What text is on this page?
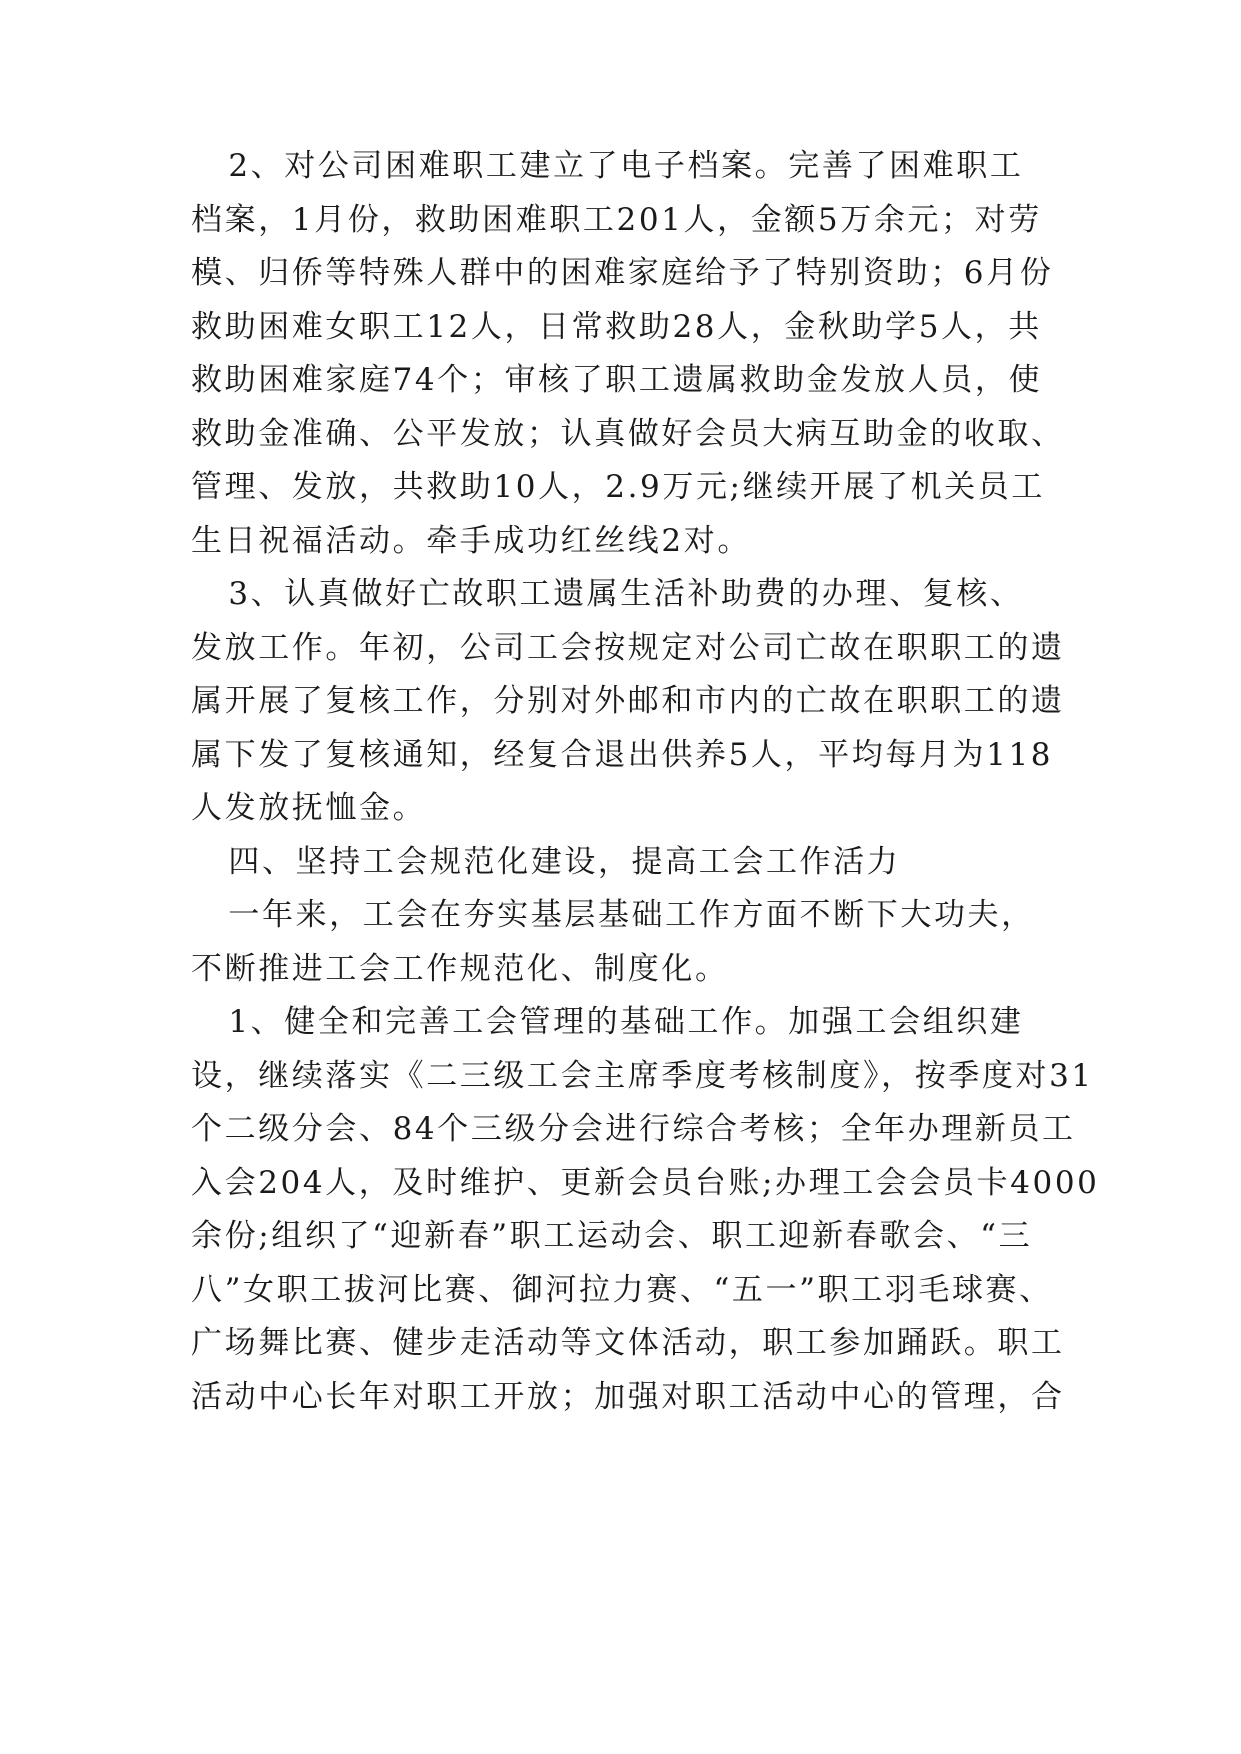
2、对公司困难职工建立了电子档案。完善了困难职工
档案，1月份，救助困难职工201人，金额5万余元；对劳
模、归侨等特殊人群中的困难家庭给予了特别资助；6月份
救助困难女职工12人，日常救助28人，金秋助学5人，共
救助困难家庭74个；审核了职工遗属救助金发放人员，使
救助金准确、公平发放；认真做好会员大病互助金的收取、
管理、发放，共救助10人，2.9万元;继续开展了机关员工
生日祝福活动。牵手成功红丝线2对。
3、认真做好亡故职工遗属生活补助费的办理、复核、
发放工作。年初，公司工会按规定对公司亡故在职职工的遗
属开展了复核工作，分别对外邮和市内的亡故在职职工的遗
属下发了复核通知，经复合退出供养5人，平均每月为118
人发放抚恤金。
四、坚持工会规范化建设，提高工会工作活力
一年来，工会在夯实基层基础工作方面不断下大功夫，
不断推进工会工作规范化、制度化。
1、健全和完善工会管理的基础工作。加强工会组织建
设，继续落实《二三级工会主席季度考核制度》，按季度对31
个二级分会、84个三级分会进行综合考核；全年办理新员工
入会204人，及时维护、更新会员台账;办理工会会员卡4000
余份;组织了“迎新春”职工运动会、职工迎新春歌会、“三
八”女职工拔河比赛、御河拉力赛、“五一”职工羽毛球赛、
广场舞比赛、健步走活动等文体活动，职工参加踊跃。职工
活动中心长年对职工开放；加强对职工活动中心的管理，合
